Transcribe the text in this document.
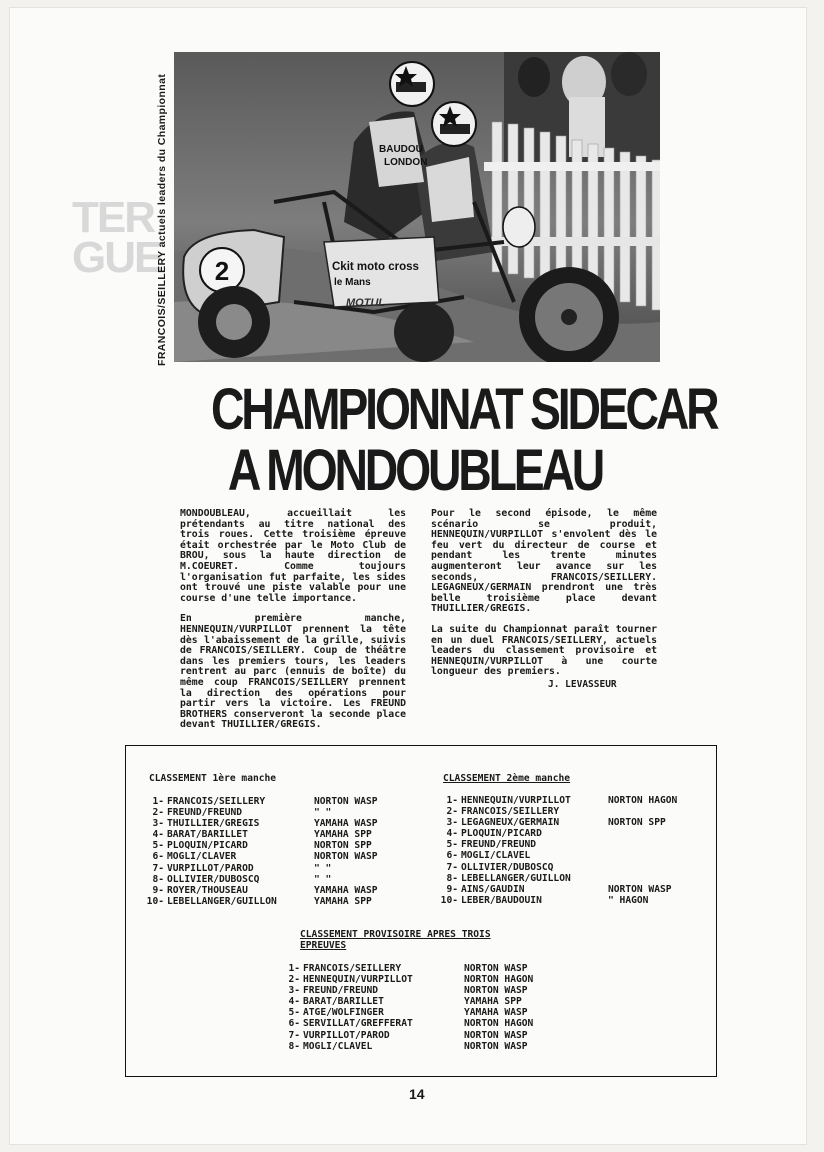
TER
GUE
BAUDOU
LONDON
2	Ckit moto cross
le Mans
MOTUL
FRANCOIS/SEILLERY actuels leaders du Championnat
CHAMPIONNAT SIDECAR
A MONDOUBLEAU

MONDOUBLEAU, accueillait les prétendants au titre national des trois roues. Cette troisième épreuve était orchestrée par le Moto Club de BROU, sous la haute direction de M.COEURET. Comme toujours l'organisation fut parfaite, les sides ont trouvé une piste valable pour une course d'une telle importance.

En première manche, HENNEQUIN/VURPILLOT prennent la tête dès l'abaissement de la grille, suivis de FRANCOIS/SEILLERY. Coup de théâtre dans les premiers tours, les leaders rentrent au parc (ennuis de boîte) du même coup FRANCOIS/SEILLERY prennent la direction des opérations pour partir vers la victoire. Les FREUND BROTHERS conserveront la seconde place devant THUILLIER/GREGIS.

Pour le second épisode, le même scénario se produit, HENNEQUIN/VURPILLOT s'envolent dès le feu vert du directeur de course et pendant les trente minutes augmenteront leur avance sur les seconds, FRANCOIS/SEILLERY. LEGAGNEUX/GERMAIN prendront une très belle troisième place devant THUILLIER/GREGIS.

La suite du Championnat paraît tourner en un duel FRANCOIS/SEILLERY, actuels leaders du classement provisoire et HENNEQUIN/VURPILLOT à une courte longueur des premiers.

J. LEVASSEUR
CLASSEMENT 1ère manche
1- FRANCOIS/SEILLERY	NORTON WASP
2- FREUND/FREUND	" "
3- THUILLIER/GREGIS	YAMAHA WASP
4- BARAT/BARILLET	YAMAHA SPP
5- PLOQUIN/PICARD	NORTON SPP
6- MOGLI/CLAVER	NORTON WASP
7- VURPILLOT/PAROD	" "
8- OLLIVIER/DUBOSCQ	" "
9- ROYER/THOUSEAU	YAMAHA WASP
10- LEBELLANGER/GUILLON	YAMAHA SPP
CLASSEMENT 2ème manche
1- HENNEQUIN/VURPILLOT	NORTON HAGON
2- FRANCOIS/SEILLERY
3- LEGAGNEUX/GERMAIN	NORTON SPP
4- PLOQUIN/PICARD
5- FREUND/FREUND
6- MOGLI/CLAVEL
7- OLLIVIER/DUBOSCQ
8- LEBELLANGER/GUILLON
9- AINS/GAUDIN	NORTON WASP
10- LEBER/BAUDOUIN	" HAGON
CLASSEMENT PROVISOIRE APRES TROIS EPREUVES
1- FRANCOIS/SEILLERY	NORTON WASP
2- HENNEQUIN/VURPILLOT	NORTON HAGON
3- FREUND/FREUND	NORTON WASP
4- BARAT/BARILLET	YAMAHA SPP
5- ATGE/WOLFINGER	YAMAHA WASP
6- SERVILLAT/GREFFERAT	NORTON HAGON
7- VURPILLOT/PAROD	NORTON WASP
8- MOGLI/CLAVEL	NORTON WASP
14
